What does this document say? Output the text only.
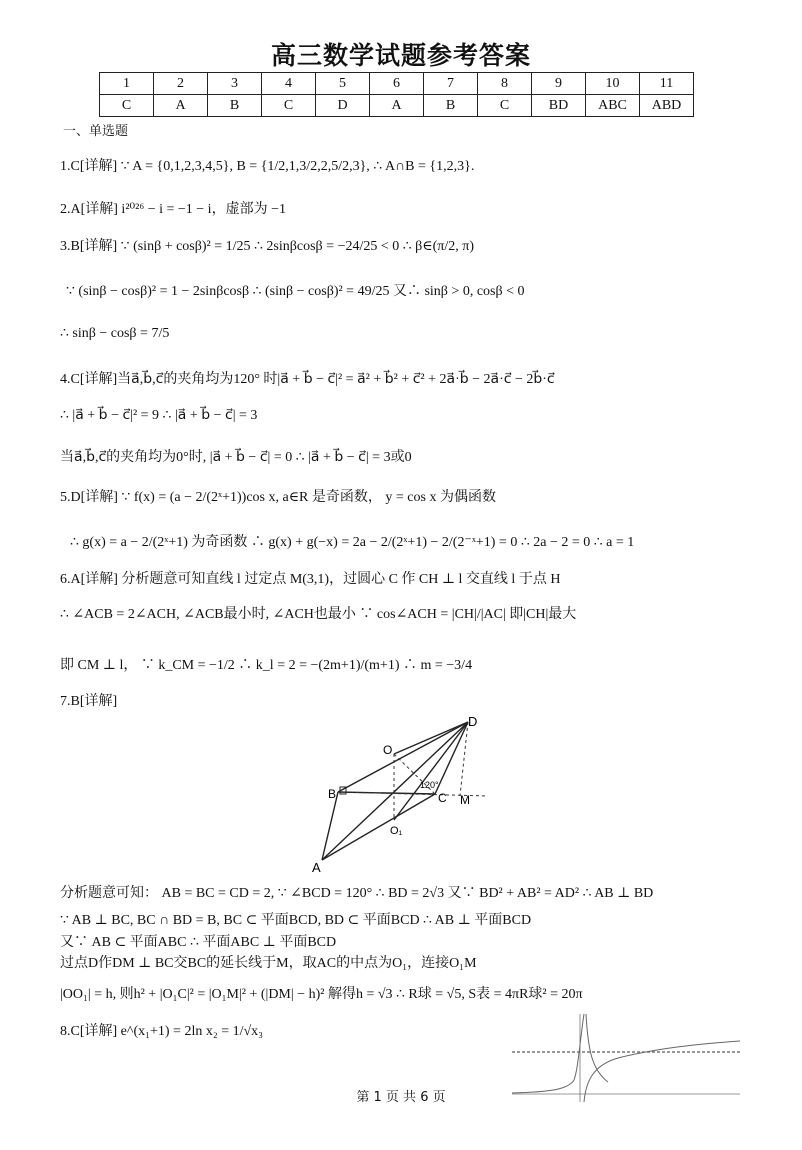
高三数学试题参考答案
1	2	3	4	5	6	7	8	9	10	11
C	A	B	C	D	A	B	C	BD	ABC	ABD
一、单选题
1.C[详解] ∵ A = {0,1,2,3,4,5}, B = {1/2,1,3/2,2,5/2,3}, ∴ A∩B = {1,2,3}.
2.A[详解] i²⁰²⁶ − i = −1 − i，虚部为 −1
3.B[详解] ∵ (sinβ + cosβ)² = 1/25 ∴ 2sinβcosβ = −24/25 < 0 ∴ β∈(π/2, π)
∵ (sinβ − cosβ)² = 1 − 2sinβcosβ ∴ (sinβ − cosβ)² = 49/25 又∴ sinβ > 0, cosβ < 0
∴ sinβ − cosβ = 7/5
4.C[详解]当a⃗,b⃗,c⃗的夹角均为120° 时|a⃗ + b⃗ − c⃗|² = a⃗² + b⃗² + c⃗² + 2a⃗·b⃗ − 2a⃗·c⃗ − 2b⃗·c⃗
∴ |a⃗ + b⃗ − c⃗|² = 9 ∴ |a⃗ + b⃗ − c⃗| = 3
当a⃗,b⃗,c⃗的夹角均为0°时, |a⃗ + b⃗ − c⃗| = 0 ∴ |a⃗ + b⃗ − c⃗| = 3或0
5.D[详解] ∵ f(x) = (a − 2/(2ˣ+1))cos x, a∈R 是奇函数， y = cos x 为偶函数
∴ g(x) = a − 2/(2ˣ+1) 为奇函数 ∴ g(x) + g(−x) = 2a − 2/(2ˣ+1) − 2/(2⁻ˣ+1) = 0 ∴ 2a − 2 = 0 ∴ a = 1
6.A[详解] 分析题意可知直线 l 过定点 M(3,1)，过圆心 C 作 CH ⊥ l 交直线 l 于点 H
∴ ∠ACB = 2∠ACH, ∠ACB最小时, ∠ACH也最小 ∵ cos∠ACH = |CH|/|AC| 即|CH|最大
即 CM ⊥ l， ∵ k_CM = −1/2 ∴ k_l = 2 = −(2m+1)/(m+1) ∴ m = −3/4
7.B[详解]
D
O
B
120°
C M
O₁
A
分析题意可知： AB = BC = CD = 2, ∵ ∠BCD = 120° ∴ BD = 2√3 又∵ BD² + AB² = AD² ∴ AB ⊥ BD
∵ AB ⊥ BC, BC ∩ BD = B, BC ⊂ 平面BCD, BD ⊂ 平面BCD ∴ AB ⊥ 平面BCD
又∵ AB ⊂ 平面ABC ∴ 平面ABC ⊥ 平面BCD
过点D作DM ⊥ BC交BC的延长线于M，取AC的中点为O₁，连接O₁M
|OO₁| = h, 则h² + |O₁C|² = |O₁M|² + (|DM| − h)² 解得h = √3 ∴ R球 = √5, S表 = 4πR球² = 20π
8.C[详解] e^(x₁+1) = 2ln x₂ = 1/√x₃
第 1 页 共 6 页
